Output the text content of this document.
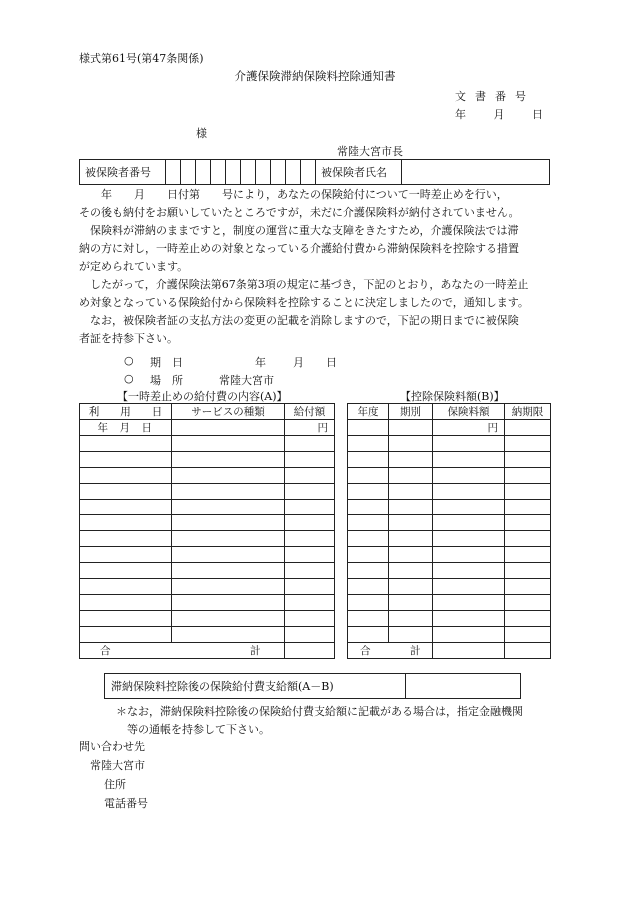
様式第61号(第47条関係)
介護保険滞納保険料控除通知書
文書番号
年	月	日
様
常陸大宮市長
被保険者番号											被保険者氏名	
　　年　　月　　日付第　　号により，あなたの保険給付について一時差止めを行い，
その後も納付をお願いしていたところですが，未だに介護保険料が納付されていません。
　保険料が滞納のままですと，制度の運営に重大な支障をきたすため，介護保険法では滞
納の方に対し，一時差止めの対象となっている介護給付費から滞納保険料を控除する措置
が定められています。
　したがって，介護保険法第67条第3項の規定に基づき，下記のとおり，あなたの一時差止
め対象となっている保険給付から保険料を控除することに決定しましたので，通知します。
　なお，被保険者証の支払方法の変更の記載を消除しますので，下記の期日までに被保険
者証を持参下さい。
○ 期　日	年 月 日
○ 場　所	常陸大宮市
【一時差止めの給付費の内容(A)】	【控除保険料額(B)】
利　　用　　日	サービスの種類	給付額
年 月 日		円

合 計		
年度	期別	保険料額	納期限
		円	

合 計			
滞納保険料控除後の保険給付費支給額(A－B)	
＊なお，滞納保険料控除後の保険給付費支給額に記載がある場合は，指定金融機関
　等の通帳を持参して下さい。
問い合わせ先
常陸大宮市
住所
電話番号
